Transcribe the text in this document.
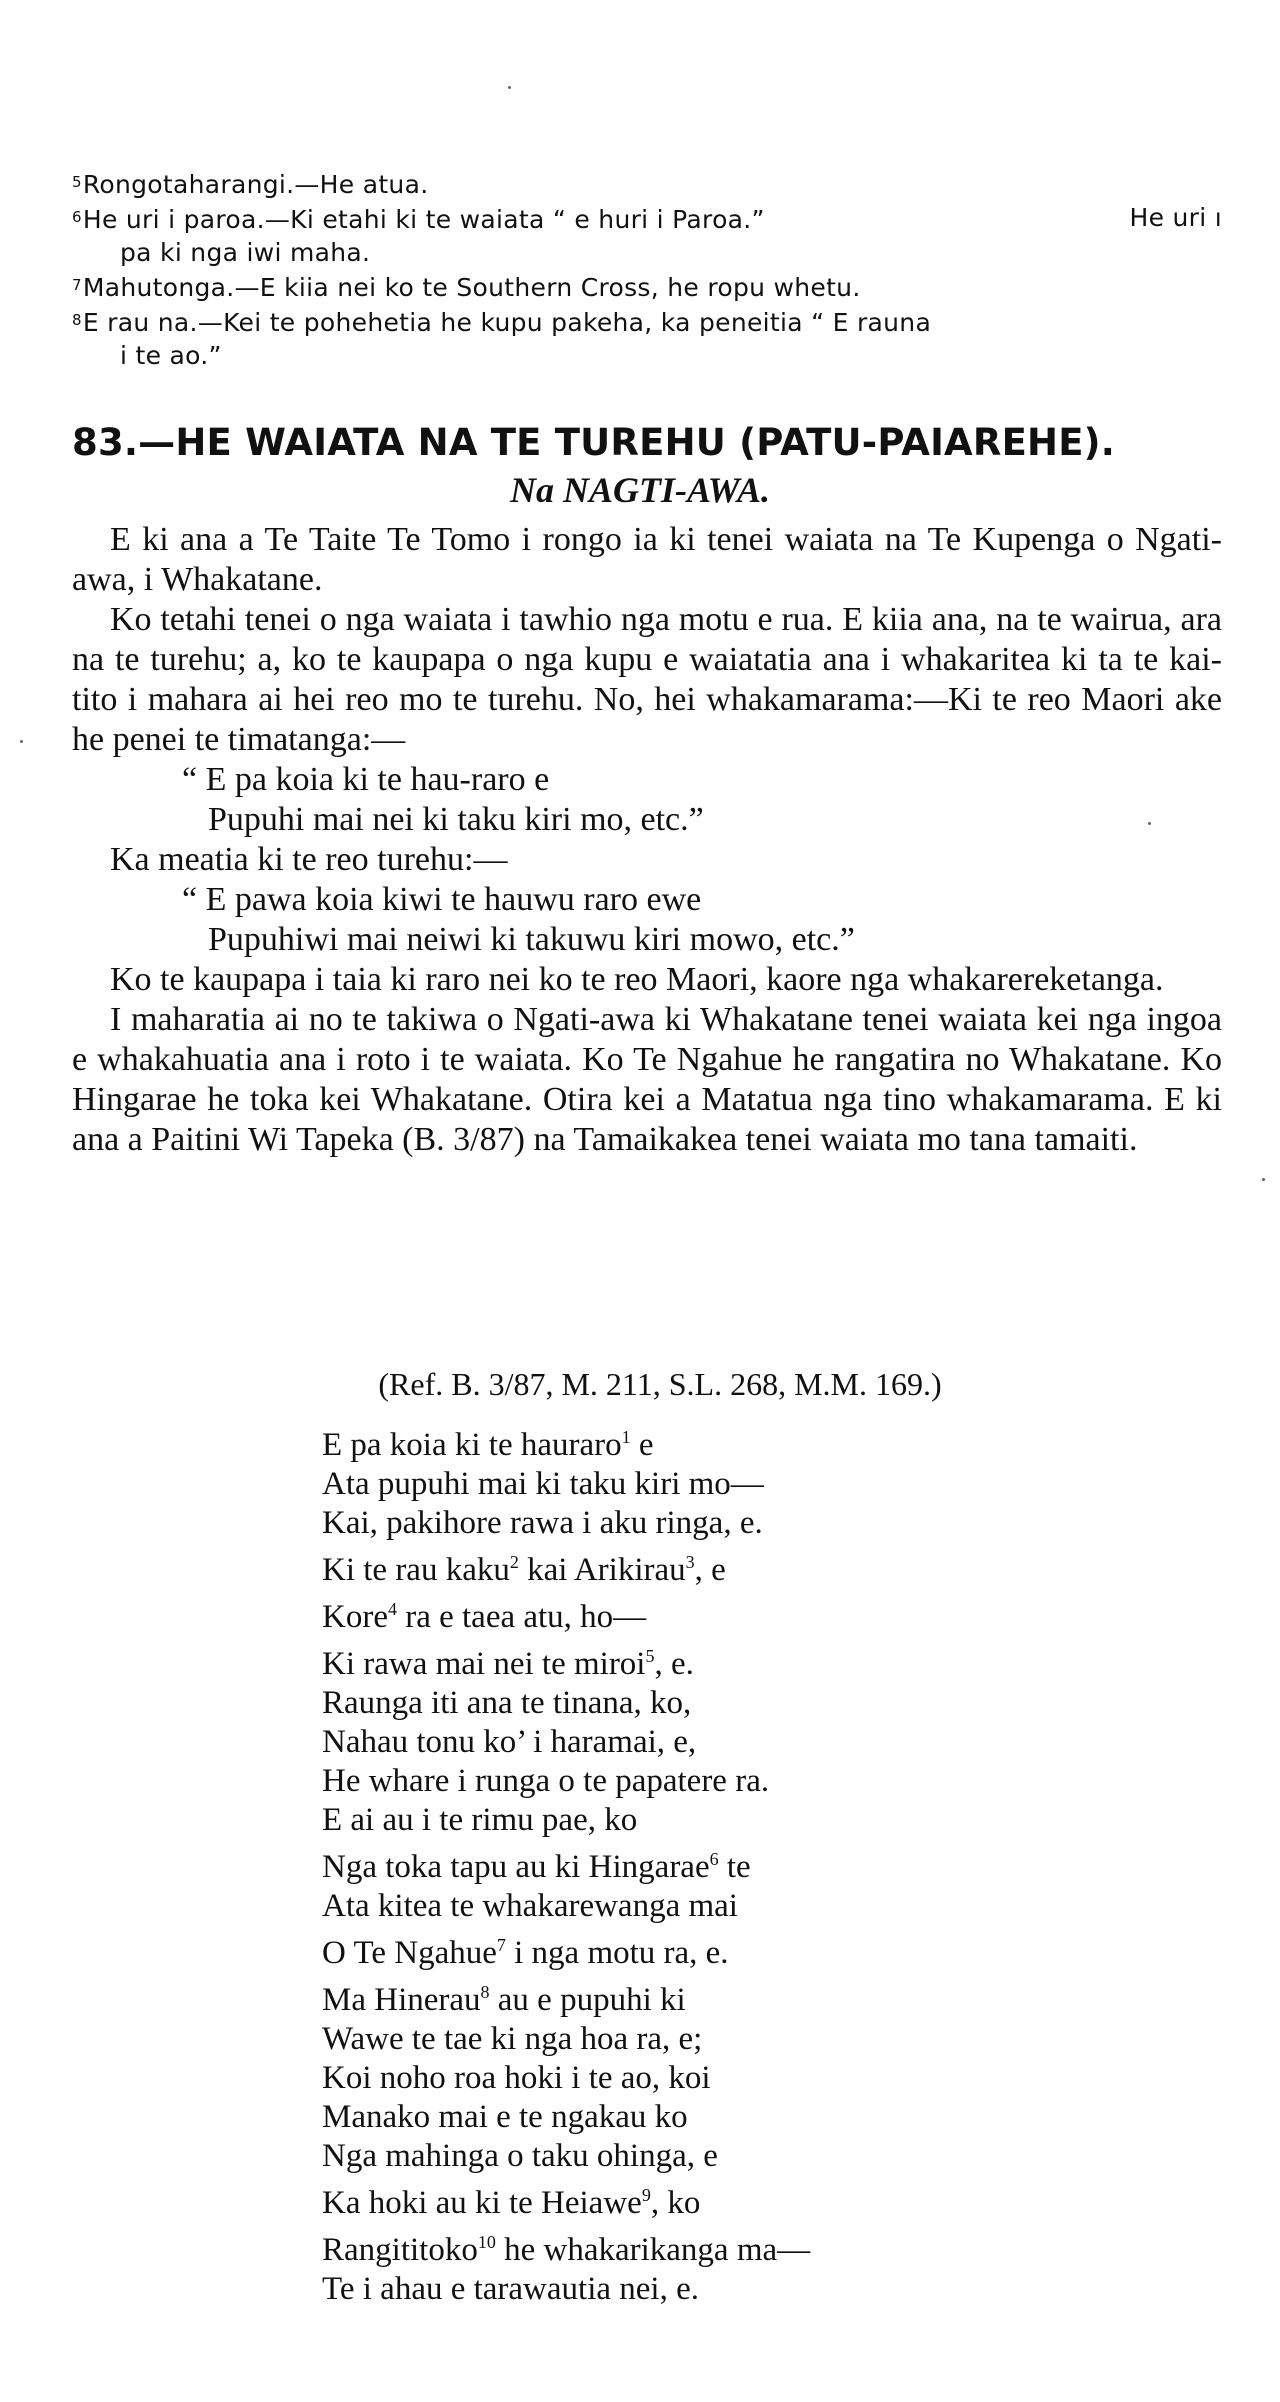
$^5$Rongotaharangi.—He atua.

$^6$He uri i paroa.—Ki etahi ki te waiata “ e huri i Paroa.”	He uri ı
pa ki nga iwi maha.

$^7$Mahutonga.—E kiia nei ko te Southern Cross, he ropu whetu.

$^8$E rau na.—Kei te pohehetia he kupu pakeha, ka peneitia “ E rauna
i te ao.”

83.—HE WAIATA NA TE TUREHU (PATU-PAIAREHE).
Na NAGTI-AWA.

E ki ana a Te Taite Te Tomo i rongo ia ki tenei waiata na Te Kupenga o Ngati-awa, i Whakatane.

Ko tetahi tenei o nga waiata i tawhio nga motu e rua. E kiia ana, na te wairua, ara na te turehu; a, ko te kaupapa o nga kupu e waiatatia ana i whakaritea ki ta te kai-tito i mahara ai hei reo mo te turehu. No, hei whakamarama:—Ki te reo Maori ake he penei te timatanga:—

“ E pa koia ki te hau-raro e
Pupuhi mai nei ki taku kiri mo, etc.”

Ka meatia ki te reo turehu:—

“ E pawa koia kiwi te hauwu raro ewe
Pupuhiwi mai neiwi ki takuwu kiri mowo, etc.”

Ko te kaupapa i taia ki raro nei ko te reo Maori, kaore nga whakarereketanga.

I maharatia ai no te takiwa o Ngati-awa ki Whakatane tenei waiata kei nga ingoa e whakahuatia ana i roto i te waiata. Ko Te Ngahue he rangatira no Whakatane. Ko Hingarae he toka kei Whakatane. Otira kei a Matatua nga tino whakamarama. E ki ana a Paitini Wi Tapeka (B. 3/87) na Tamaikakea tenei waiata mo tana tamaiti.

(Ref. B. 3/87, M. 211, S.L. 268, M.M. 169.)

E pa koia ki te hauraro$^1$ e
Ata pupuhi mai ki taku kiri mo—
Kai, pakihore rawa i aku ringa, e.
Ki te rau kaku$^2$ kai Arikirau$^3$, e
Kore$^4$ ra e taea atu, ho—
Ki rawa mai nei te miroi$^5$, e.
Raunga iti ana te tinana, ko,
Nahau tonu ko’ i haramai, e,
He whare i runga o te papatere ra.
E ai au i te rimu pae, ko
Nga toka tapu au ki Hingarae$^6$ te
Ata kitea te whakarewanga mai
O Te Ngahue$^7$ i nga motu ra, e.
Ma Hinerau$^8$ au e pupuhi ki
Wawe te tae ki nga hoa ra, e;
Koi noho roa hoki i te ao, koi
Manako mai e te ngakau ko
Nga mahinga o taku ohinga, e
Ka hoki au ki te Heiawe$^9$, ko
Rangititoko$^{10}$ he whakarikanga ma—
Te i ahau e tarawautia nei, e.
